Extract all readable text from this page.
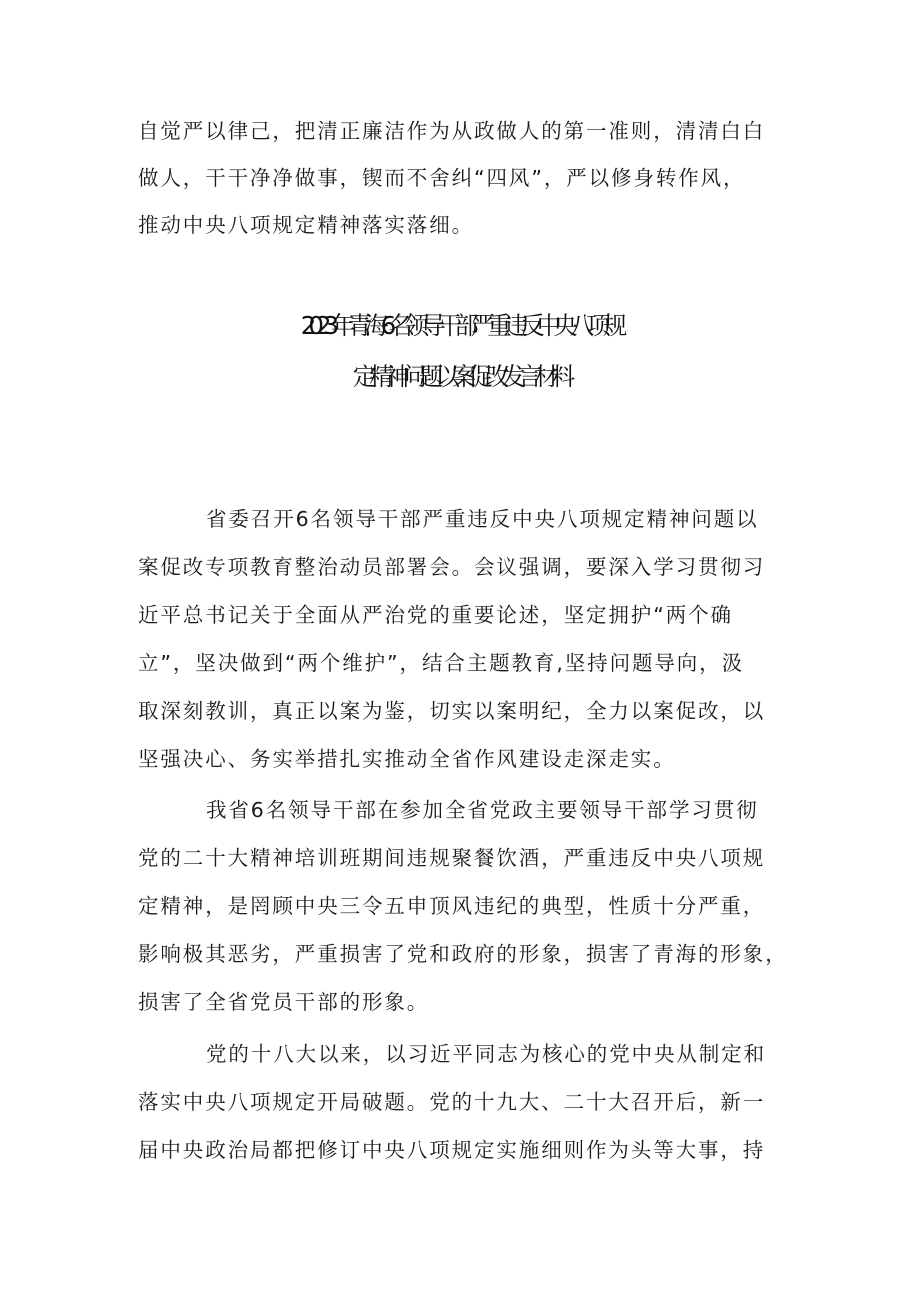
自觉严以律己，把清正廉洁作为从政做人的第一准则，清清白白
做人，干干净净做事，锲而不舍纠“四风”，严以修身转作风，
推动中央八项规定精神落实落细。
2023年青海6名领导干部严重违反中央八项规
定精神问题以案促改发言材料
省委召开6名领导干部严重违反中央八项规定精神问题以
案促改专项教育整治动员部署会。会议强调，要深入学习贯彻习
近平总书记关于全面从严治党的重要论述，坚定拥护“两个确
立”，坚决做到“两个维护”，结合主题教育,坚持问题导向，汲
取深刻教训，真正以案为鉴，切实以案明纪，全力以案促改，以
坚强决心、务实举措扎实推动全省作风建设走深走实。
我省6名领导干部在参加全省党政主要领导干部学习贯彻
党的二十大精神培训班期间违规聚餐饮酒，严重违反中央八项规
定精神，是罔顾中央三令五申顶风违纪的典型，性质十分严重，
影响极其恶劣，严重损害了党和政府的形象，损害了青海的形象，
损害了全省党员干部的形象。
党的十八大以来，以习近平同志为核心的党中央从制定和
落实中央八项规定开局破题。党的十九大、二十大召开后，新一
届中央政治局都把修订中央八项规定实施细则作为头等大事，持
